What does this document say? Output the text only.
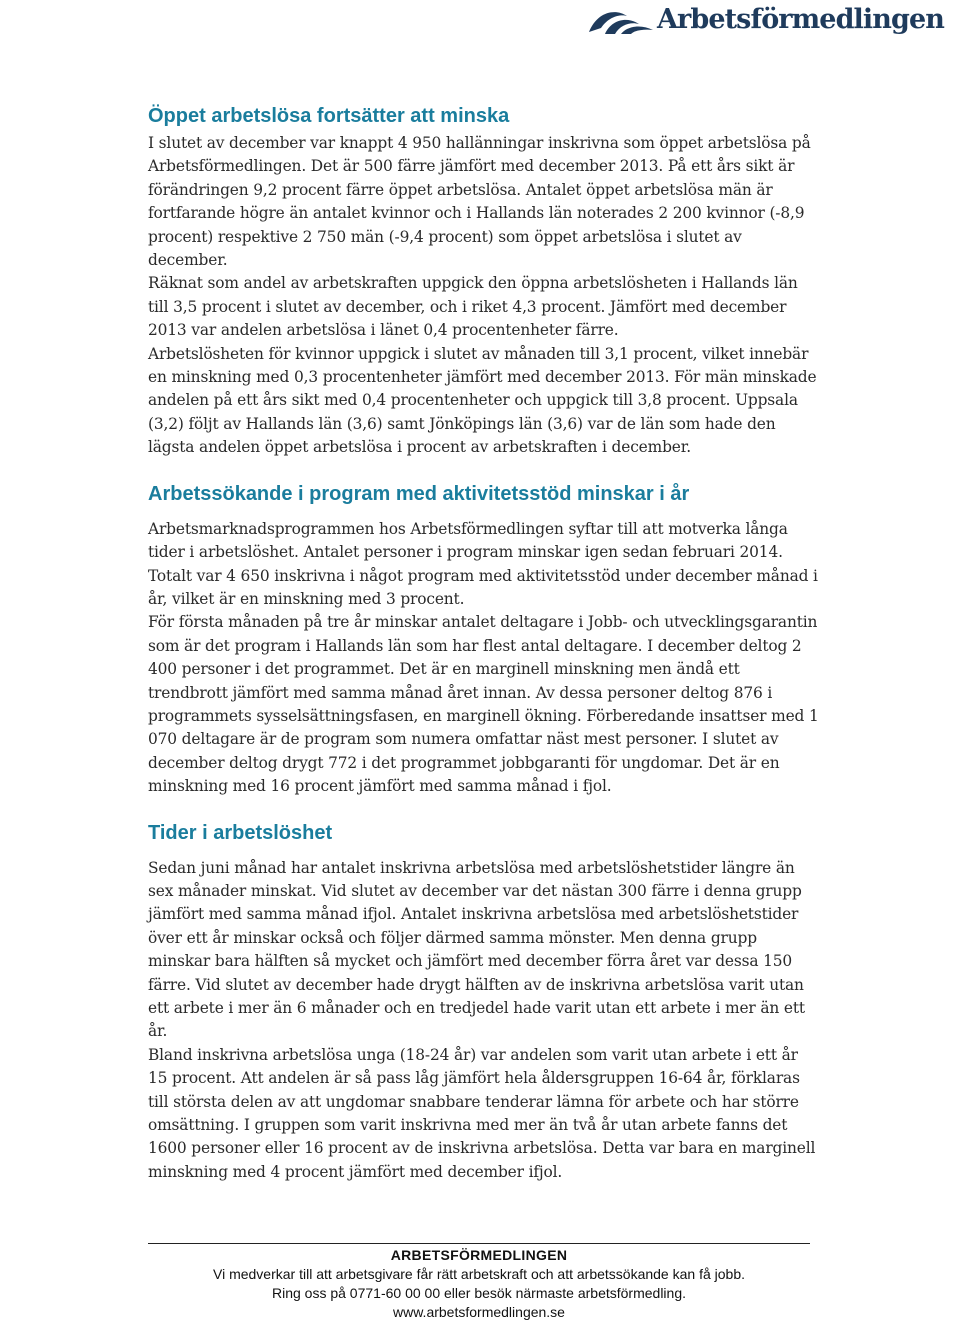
Arbetsförmedlingen
Öppet arbetslösa fortsätter att minska

I slutet av december var knappt 4 950 hallänningar inskrivna som öppet arbetslösa på Arbetsförmedlingen. Det är 500 färre jämfört med december 2013. På ett års sikt är förändringen 9,2 procent färre öppet arbetslösa. Antalet öppet arbetslösa män är fortfarande högre än antalet kvinnor och i Hallands län noterades 2 200 kvinnor (-8,9 procent) respektive 2 750 män (-9,4 procent) som öppet arbetslösa i slutet av december.

Räknat som andel av arbetskraften uppgick den öppna arbetslösheten i Hallands län till 3,5 procent i slutet av december, och i riket 4,3 procent. Jämfört med december 2013 var andelen arbetslösa i länet 0,4 procentenheter färre.

Arbetslösheten för kvinnor uppgick i slutet av månaden till 3,1 procent, vilket innebär en minskning med 0,3 procentenheter jämfört med december 2013. För män minskade andelen på ett års sikt med 0,4 procentenheter och uppgick till 3,8 procent. Uppsala (3,2) följt av Hallands län (3,6) samt Jönköpings län (3,6) var de län som hade den lägsta andelen öppet arbetslösa i procent av arbetskraften i december.

Arbetssökande i program med aktivitetsstöd minskar i år

Arbetsmarknadsprogrammen hos Arbetsförmedlingen syftar till att motverka långa tider i arbetslöshet. Antalet personer i program minskar igen sedan februari 2014. Totalt var 4 650 inskrivna i något program med aktivitetsstöd under december månad i år, vilket är en minskning med 3 procent.

För första månaden på tre år minskar antalet deltagare i Jobb- och utvecklingsgarantin som är det program i Hallands län som har flest antal deltagare. I december deltog 2 400 personer i det programmet. Det är en marginell minskning men ändå ett trendbrott jämfört med samma månad året innan. Av dessa personer deltog 876 i programmets sysselsättningsfasen, en marginell ökning. Förberedande insattser med 1 070 deltagare är de program som numera omfattar näst mest personer. I slutet av december deltog drygt 772 i det programmet jobbgaranti för ungdomar. Det är en minskning med 16 procent jämfört med samma månad i fjol.

Tider i arbetslöshet

Sedan juni månad har antalet inskrivna arbetslösa med arbetslöshetstider längre än sex månader minskat. Vid slutet av december var det nästan 300 färre i denna grupp jämfört med samma månad ifjol. Antalet inskrivna arbetslösa med arbetslöshetstider över ett år minskar också och följer därmed samma mönster. Men denna grupp minskar bara hälften så mycket och jämfört med december förra året var dessa 150 färre. Vid slutet av december hade drygt hälften av de inskrivna arbetslösa varit utan ett arbete i mer än 6 månader och en tredjedel hade varit utan ett arbete i mer än ett år.

Bland inskrivna arbetslösa unga (18-24 år) var andelen som varit utan arbete i ett år 15 procent. Att andelen är så pass låg jämfört hela åldersgruppen 16-64 år, förklaras till största delen av att ungdomar snabbare tenderar lämna för arbete och har större omsättning. I gruppen som varit inskrivna med mer än två år utan arbete fanns det 1600 personer eller 16 procent av de inskrivna arbetslösa. Detta var bara en marginell minskning med 4 procent jämfört med december ifjol.

ARBETSFÖRMEDLINGEN
Vi medverkar till att arbetsgivare får rätt arbetskraft och att arbetssökande kan få jobb.
Ring oss på 0771-60 00 00 eller besök närmaste arbetsförmedling.
www.arbetsformedlingen.se
